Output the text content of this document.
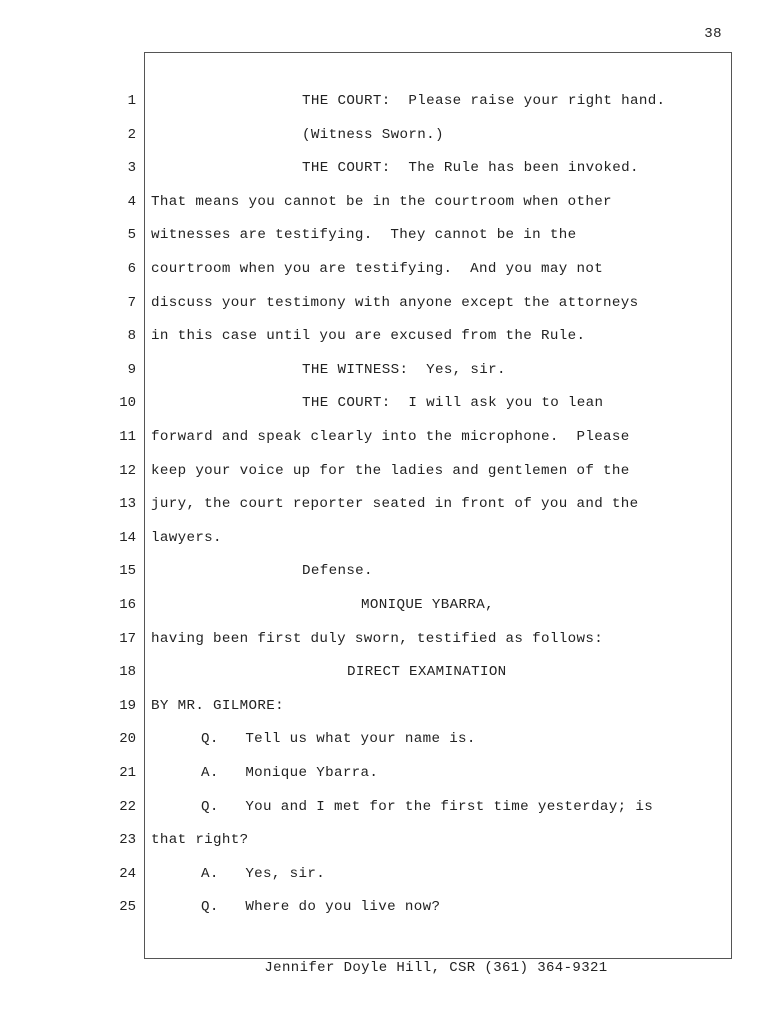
38
1
2
3
4
5
6
7
8
9
10
11
12
13
14
15
16
17
18
19
20
21
22
23
24
25
THE COURT:  Please raise your right hand.
(Witness Sworn.)
THE COURT:  The Rule has been invoked.
That means you cannot be in the courtroom when other
witnesses are testifying.  They cannot be in the
courtroom when you are testifying.  And you may not
discuss your testimony with anyone except the attorneys
in this case until you are excused from the Rule.
THE WITNESS:  Yes, sir.
THE COURT:  I will ask you to lean
forward and speak clearly into the microphone.  Please
keep your voice up for the ladies and gentlemen of the
jury, the court reporter seated in front of you and the
lawyers.
Defense.
MONIQUE YBARRA,
having been first duly sworn, testified as follows:
DIRECT EXAMINATION
BY MR. GILMORE:
Q.   Tell us what your name is.
A.   Monique Ybarra.
Q.   You and I met for the first time yesterday; is
that right?
A.   Yes, sir.
Q.   Where do you live now?
Jennifer Doyle Hill, CSR (361) 364-9321
